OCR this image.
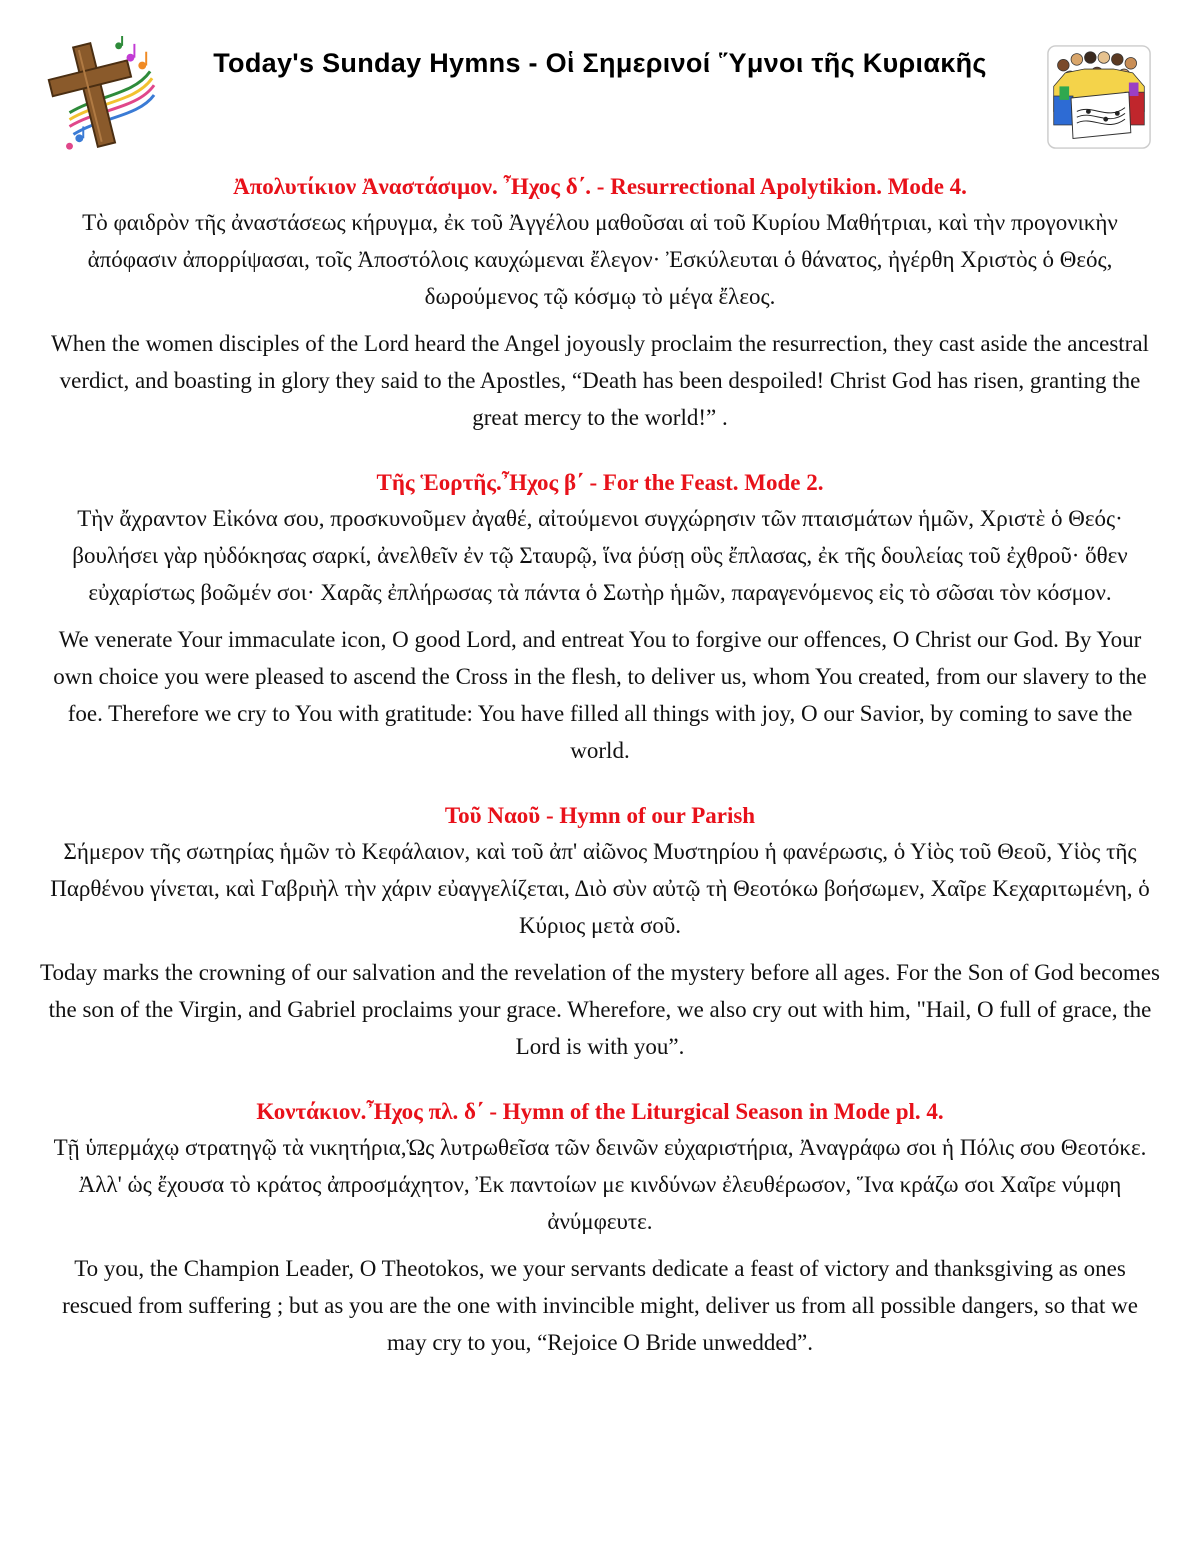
Today's Sunday Hymns - Οἱ Σημερινοί Ὕμνοι τῆς Κυριακῆς

Ἀπολυτίκιον Ἀναστάσιμον. Ἦχος δ΄. - Resurrectional Apolytikion. Mode 4.

Τὸ φαιδρὸν τῆς ἀναστάσεως κήρυγμα, ἐκ τοῦ Ἀγγέλου μαθοῦσαι αἱ τοῦ Κυρίου Μαθήτριαι, καὶ τὴν προγονικὴν ἀπόφασιν ἀπορρίψασαι, τοῖς Ἀποστόλοις καυχώμεναι ἔλεγον· Ἐσκύλευται ὁ θάνατος, ἠγέρθη Χριστὸς ὁ Θεός, δωρούμενος τῷ κόσμῳ τὸ μέγα ἔλεος.

When the women disciples of the Lord heard the Angel joyously proclaim the resurrection, they cast aside the ancestral verdict, and boasting in glory they said to the Apostles, “Death has been despoiled! Christ God has risen, granting the great mercy to the world!” .

Τῆς Ἑορτῆς.Ἦχος β΄ - For the Feast. Mode 2.

Τὴν ἄχραντον Εἰκόνα σου, προσκυνοῦμεν ἀγαθέ, αἰτούμενοι συγχώρησιν τῶν πταισμάτων ἡμῶν, Χριστὲ ὁ Θεός· βουλήσει γὰρ ηὐδόκησας σαρκί, ἀνελθεῖν ἐν τῷ Σταυρῷ, ἵνα ῥύσῃ οὓς ἔπλασας, ἐκ τῆς δουλείας τοῦ ἐχθροῦ· ὅθεν εὐχαρίστως βοῶμέν σοι· Χαρᾶς ἐπλήρωσας τὰ πάντα ὁ Σωτὴρ ἡμῶν, παραγενόμενος εἰς τὸ σῶσαι τὸν κόσμον.

We venerate Your immaculate icon, O good Lord, and entreat You to forgive our offences, O Christ our God. By Your own choice you were pleased to ascend the Cross in the flesh, to deliver us, whom You created, from our slavery to the foe. Therefore we cry to You with gratitude: You have filled all things with joy, O our Savior, by coming to save the world.

Τοῦ Ναοῦ - Hymn of our Parish

Σήμερον τῆς σωτηρίας ἡμῶν τὸ Κεφάλαιον, καὶ τοῦ ἀπ' αἰῶνος Μυστηρίου ἡ φανέρωσις, ὁ Υἱὸς τοῦ Θεοῦ, Υἱὸς τῆς Παρθένου γίνεται, καὶ Γαβριὴλ τὴν χάριν εὐαγγελίζεται, Διὸ σὺν αὐτῷ τὴ Θεοτόκω βοήσωμεν, Χαῖρε Κεχαριτωμένη, ὁ Κύριος μετὰ σοῦ.

Today marks the crowning of our salvation and the revelation of the mystery before all ages. For the Son of God becomes the son of the Virgin, and Gabriel proclaims your grace. Wherefore, we also cry out with him, "Hail, O full of grace, the Lord is with you”.

Κοντάκιον.Ἦχος πλ. δ΄ - Hymn of the Liturgical Season in Mode pl. 4.

Τῇ ὑπερμάχῳ στρατηγῷ τὰ νικητήρια,Ὡς λυτρωθεῖσα τῶν δεινῶν εὐχαριστήρια, Ἀναγράφω σοι ἡ Πόλις σου Θεοτόκε. Ἀλλ' ὡς ἔχουσα τὸ κράτος ἀπροσμάχητον, Ἐκ παντοίων με κινδύνων ἐλευθέρωσον, Ἵνα κράζω σοι Χαῖρε νύμφη ἀνύμφευτε.

To you, the Champion Leader, O Theotokos, we your servants dedicate a feast of victory and thanksgiving as ones rescued from suffering ; but as you are the one with invincible might, deliver us from all possible dangers, so that we may cry to you, “Rejoice O Bride unwedded”.
